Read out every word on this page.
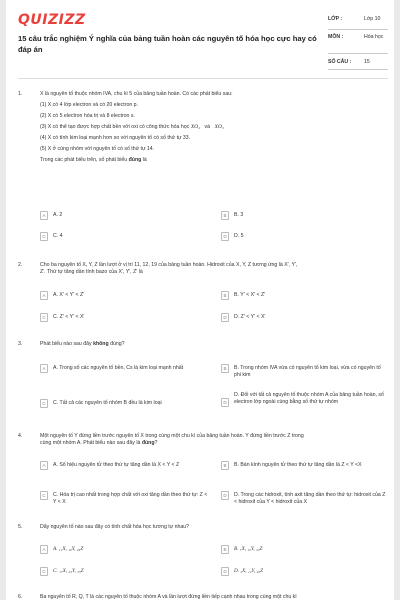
QUIZIZZ
15 câu trắc nghiệm Ý nghĩa của bảng tuần hoàn các nguyên tố hóa học cực hay có đáp án
LỚP :	Lớp 10
MÔN :	Hóa học
SỐ CÂU :	15
1.	X là nguyên tố thuộc nhóm IVA, chu kì 5 của bảng tuần hoàn. Có các phát biểu sau:
(1) X có 4 lớp electron và có 20 electron p.
(2) X có 5 electron hóa trị và 8 electron s.
(3) X có thể tạo được hợp chất bền với oxi có công thức hóa học XO₂ và XO₃
(4) X có tính kim loại mạnh hơn so với nguyên tố có số thứ tự 33.
(5) X ở cùng nhóm với nguyên tố có số thứ tự 14.
Trong các phát biểu trên, số phát biểu đúng là
A	A. 2	B	B. 3
C	C. 4	D	D. 5
2.	Cho ba nguyên tố X, Y, Z lần lượt ở vị trí 11, 12, 19 của bảng tuần hoàn. Hidroxit của X, Y, Z tương ứng là X', Y',
Z'. Thứ tự tăng dần tính bazo của X', Y', Z' là
A	A. X' < Y' < Z'	B	B. Y' < X' < Z'
C	C. Z' < Y' < X'	D	D. Z' < Y' < X'
3.	Phát biểu nào sau đây không đúng?
A	A. Trong số các nguyên tố bền, Cs là kim loại mạnh nhất	B	B. Trong nhóm IVA vừa có nguyên tố kim loại, vừa có nguyên tố phi kim
C	C. Tất cả các nguyên tố nhóm B đều là kim loại	D
D. Đối với tất cả nguyên tố thuộc nhóm A của bảng tuần hoàn, số electron lớp ngoài cùng bằng số thứ tự nhóm
4.	Một nguyên tố Y đứng liền trước nguyên tố X trong cùng một chu kì của bảng tuần hoàn. Y đứng liền trước Z trong
cùng một nhóm A. Phát biểu nào sau đây là đúng?
A	A. Số hiệu nguyên tử theo thứ tự tăng dần là X < Y < Z	B	B. Bán kính nguyên tử theo thứ tự tăng dần là Z < Y <X
C	C. Hóa trị cao nhất trong hợp chất với oxi tăng dần theo thứ tự: Z < Y < X
D	D. Trong các hidroxit, tính axit tăng dần theo thứ tự: hidroxit của Z < hidroxit của Y < hidroxit của X
5.	Dãy nguyên tố nào sau đây có tính chất hóa học tương tự nhau?
A	A. ₁₁X, ₁₉Y, ₂₉Z	B	B. ₇X, ₁₅Y, ₃₃Z
C	C. ₁₇X, ₂₅Y, ₃₅Z	D	D. ₃X, ₁₂Y, ₂₀Z
6.	Ba nguyên tố R, Q, T là các nguyên tố thuộc nhóm A và lần lượt đứng liền tiếp cạnh nhau trong cùng một chu kì
